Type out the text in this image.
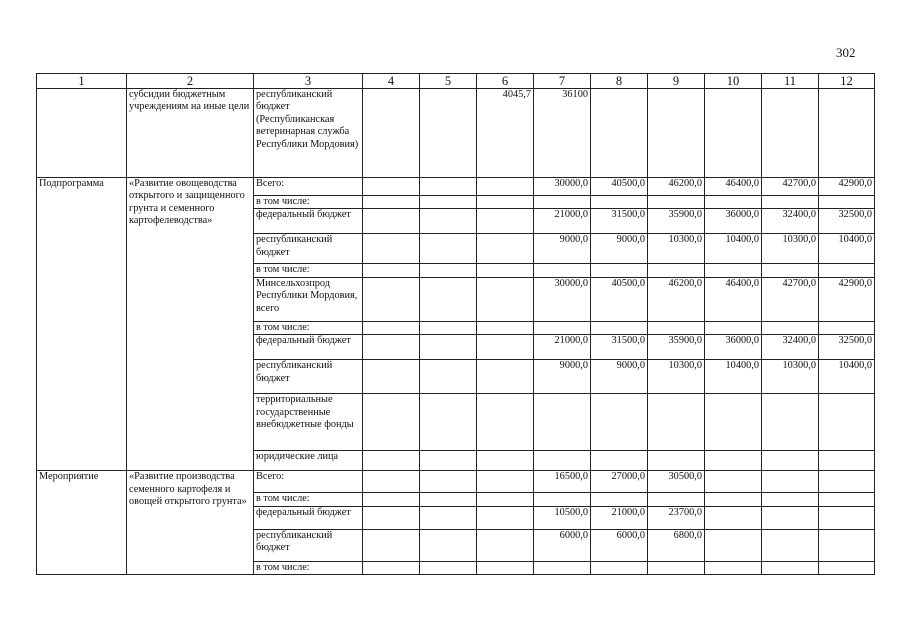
302
1	2	3	4	5	6	7	8	9	10	11	12
	субсидии бюджетным учреждениям на иные цели	республиканский бюджет (Республиканская ветеринарная служба Республики Мордовия)			4045,7	36100					
Подпрограмма	«Развитие овощеводства открытого и защищенного грунта и семенного картофелеводства»	Всего:				30000,0	40500,0	46200,0	46400,0	42700,0	42900,0
		в том числе:									
		федеральный бюджет				21000,0	31500,0	35900,0	36000,0	32400,0	32500,0
		республиканский бюджет				9000,0	9000,0	10300,0	10400,0	10300,0	10400,0
		в том числе:									
		Минсельхозпрод Республики Мордовия, всего				30000,0	40500,0	46200,0	46400,0	42700,0	42900,0
		в том числе:									
		федеральный бюджет				21000,0	31500,0	35900,0	36000,0	32400,0	32500,0
		республиканский бюджет				9000,0	9000,0	10300,0	10400,0	10300,0	10400,0
		территориальные государственные внебюджетные фонды									
		юридические лица									
Мероприятие	«Развитие производства семенного картофеля и овощей открытого грунта»	Всего:				16500,0	27000,0	30500,0			
		в том числе:									
		федеральный бюджет				10500,0	21000,0	23700,0			
		республиканский бюджет				6000,0	6000,0	6800,0			
		в том числе:									
